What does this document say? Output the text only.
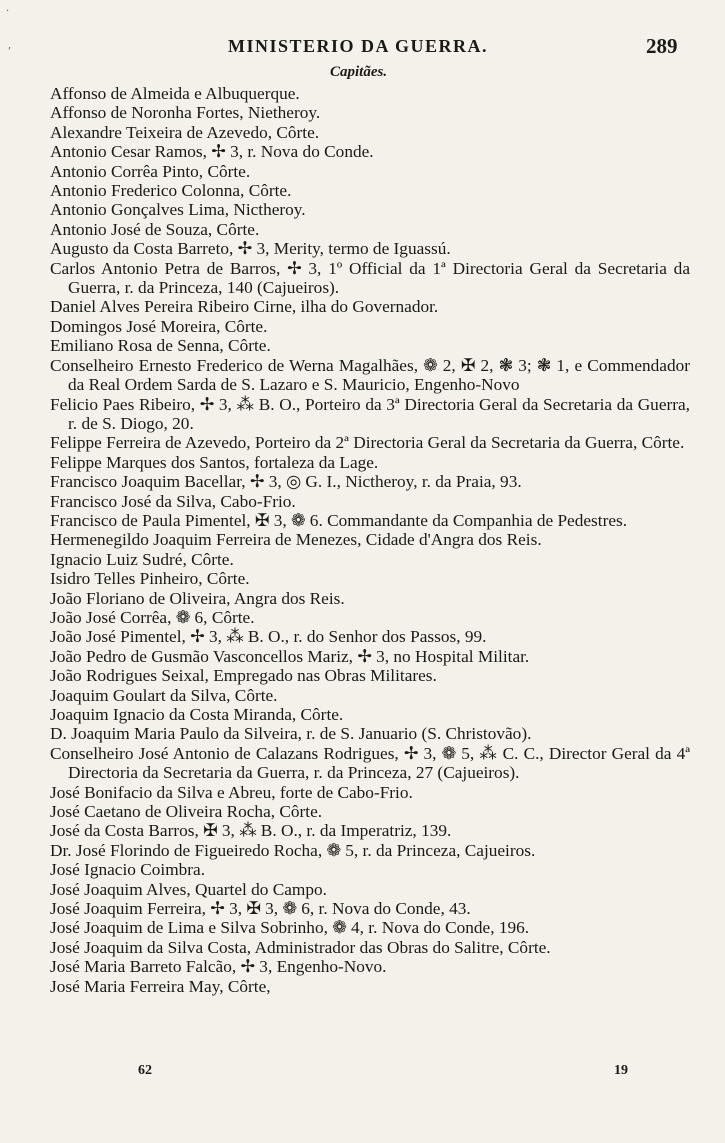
·
,	MINISTERIO DA GUERRA.	289
Capitães.

Affonso de Almeida e Albuquerque.

Affonso de Noronha Fortes, Nietheroy.

Alexandre Teixeira de Azevedo, Côrte.

Antonio Cesar Ramos, ✢ 3, r. Nova do Conde.

Antonio Corrêa Pinto, Côrte.

Antonio Frederico Colonna, Côrte.

Antonio Gonçalves Lima, Nictheroy.

Antonio José de Souza, Côrte.

Augusto da Costa Barreto, ✢ 3, Merity, termo de Iguassú.

Carlos Antonio Petra de Barros, ✢ 3, 1º Official da 1ª Directoria Geral da Secretaria da Guerra, r. da Princeza, 140 (Cajueiros).

Daniel Alves Pereira Ribeiro Cirne, ilha do Governador.

Domingos José Moreira, Côrte.

Emiliano Rosa de Senna, Côrte.

Conselheiro Ernesto Frederico de Werna Magalhães, ❁ 2, ✠ 2, ❃ 3; ❃ 1, e Commendador da Real Ordem Sarda de S. Lazaro e S. Mauricio, Engenho-Novo

Felicio Paes Ribeiro, ✢ 3, ⁂ B. O., Porteiro da 3ª Directoria Geral da Secretaria da Guerra, r. de S. Diogo, 20.

Felippe Ferreira de Azevedo, Porteiro da 2ª Directoria Geral da Secretaria da Guerra, Côrte.

Felippe Marques dos Santos, fortaleza da Lage.

Francisco Joaquim Bacellar, ✢ 3, ◎ G. I., Nictheroy, r. da Praia, 93.

Francisco José da Silva, Cabo-Frio.

Francisco de Paula Pimentel, ✠ 3, ❁ 6. Commandante da Companhia de Pedestres.

Hermenegildo Joaquim Ferreira de Menezes, Cidade d'Angra dos Reis.

Ignacio Luiz Sudré, Côrte.

Isidro Telles Pinheiro, Côrte.

João Floriano de Oliveira, Angra dos Reis.

João José Corrêa, ❁ 6, Côrte.

João José Pimentel, ✢ 3, ⁂ B. O., r. do Senhor dos Passos, 99.

João Pedro de Gusmão Vasconcellos Mariz, ✢ 3, no Hospital Militar.

João Rodrigues Seixal, Empregado nas Obras Militares.

Joaquim Goulart da Silva, Côrte.

Joaquim Ignacio da Costa Miranda, Côrte.

D. Joaquim Maria Paulo da Silveira, r. de S. Januario (S. Christovão).

Conselheiro José Antonio de Calazans Rodrigues, ✢ 3, ❁ 5, ⁂ C. C., Director Geral da 4ª Directoria da Secretaria da Guerra, r. da Princeza, 27 (Cajueiros).

José Bonifacio da Silva e Abreu, forte de Cabo-Frio.

José Caetano de Oliveira Rocha, Côrte.

José da Costa Barros, ✠ 3, ⁂ B. O., r. da Imperatriz, 139.

Dr. José Florindo de Figueiredo Rocha, ❁ 5, r. da Princeza, Cajueiros.

José Ignacio Coimbra.

José Joaquim Alves, Quartel do Campo.

José Joaquim Ferreira, ✢ 3, ✠ 3, ❁ 6, r. Nova do Conde, 43.

José Joaquim de Lima e Silva Sobrinho, ❁ 4, r. Nova do Conde, 196.

José Joaquim da Silva Costa, Administrador das Obras do Salitre, Côrte.

José Maria Barreto Falcão, ✢ 3, Engenho-Novo.

José Maria Ferreira May, Côrte,

62	19
